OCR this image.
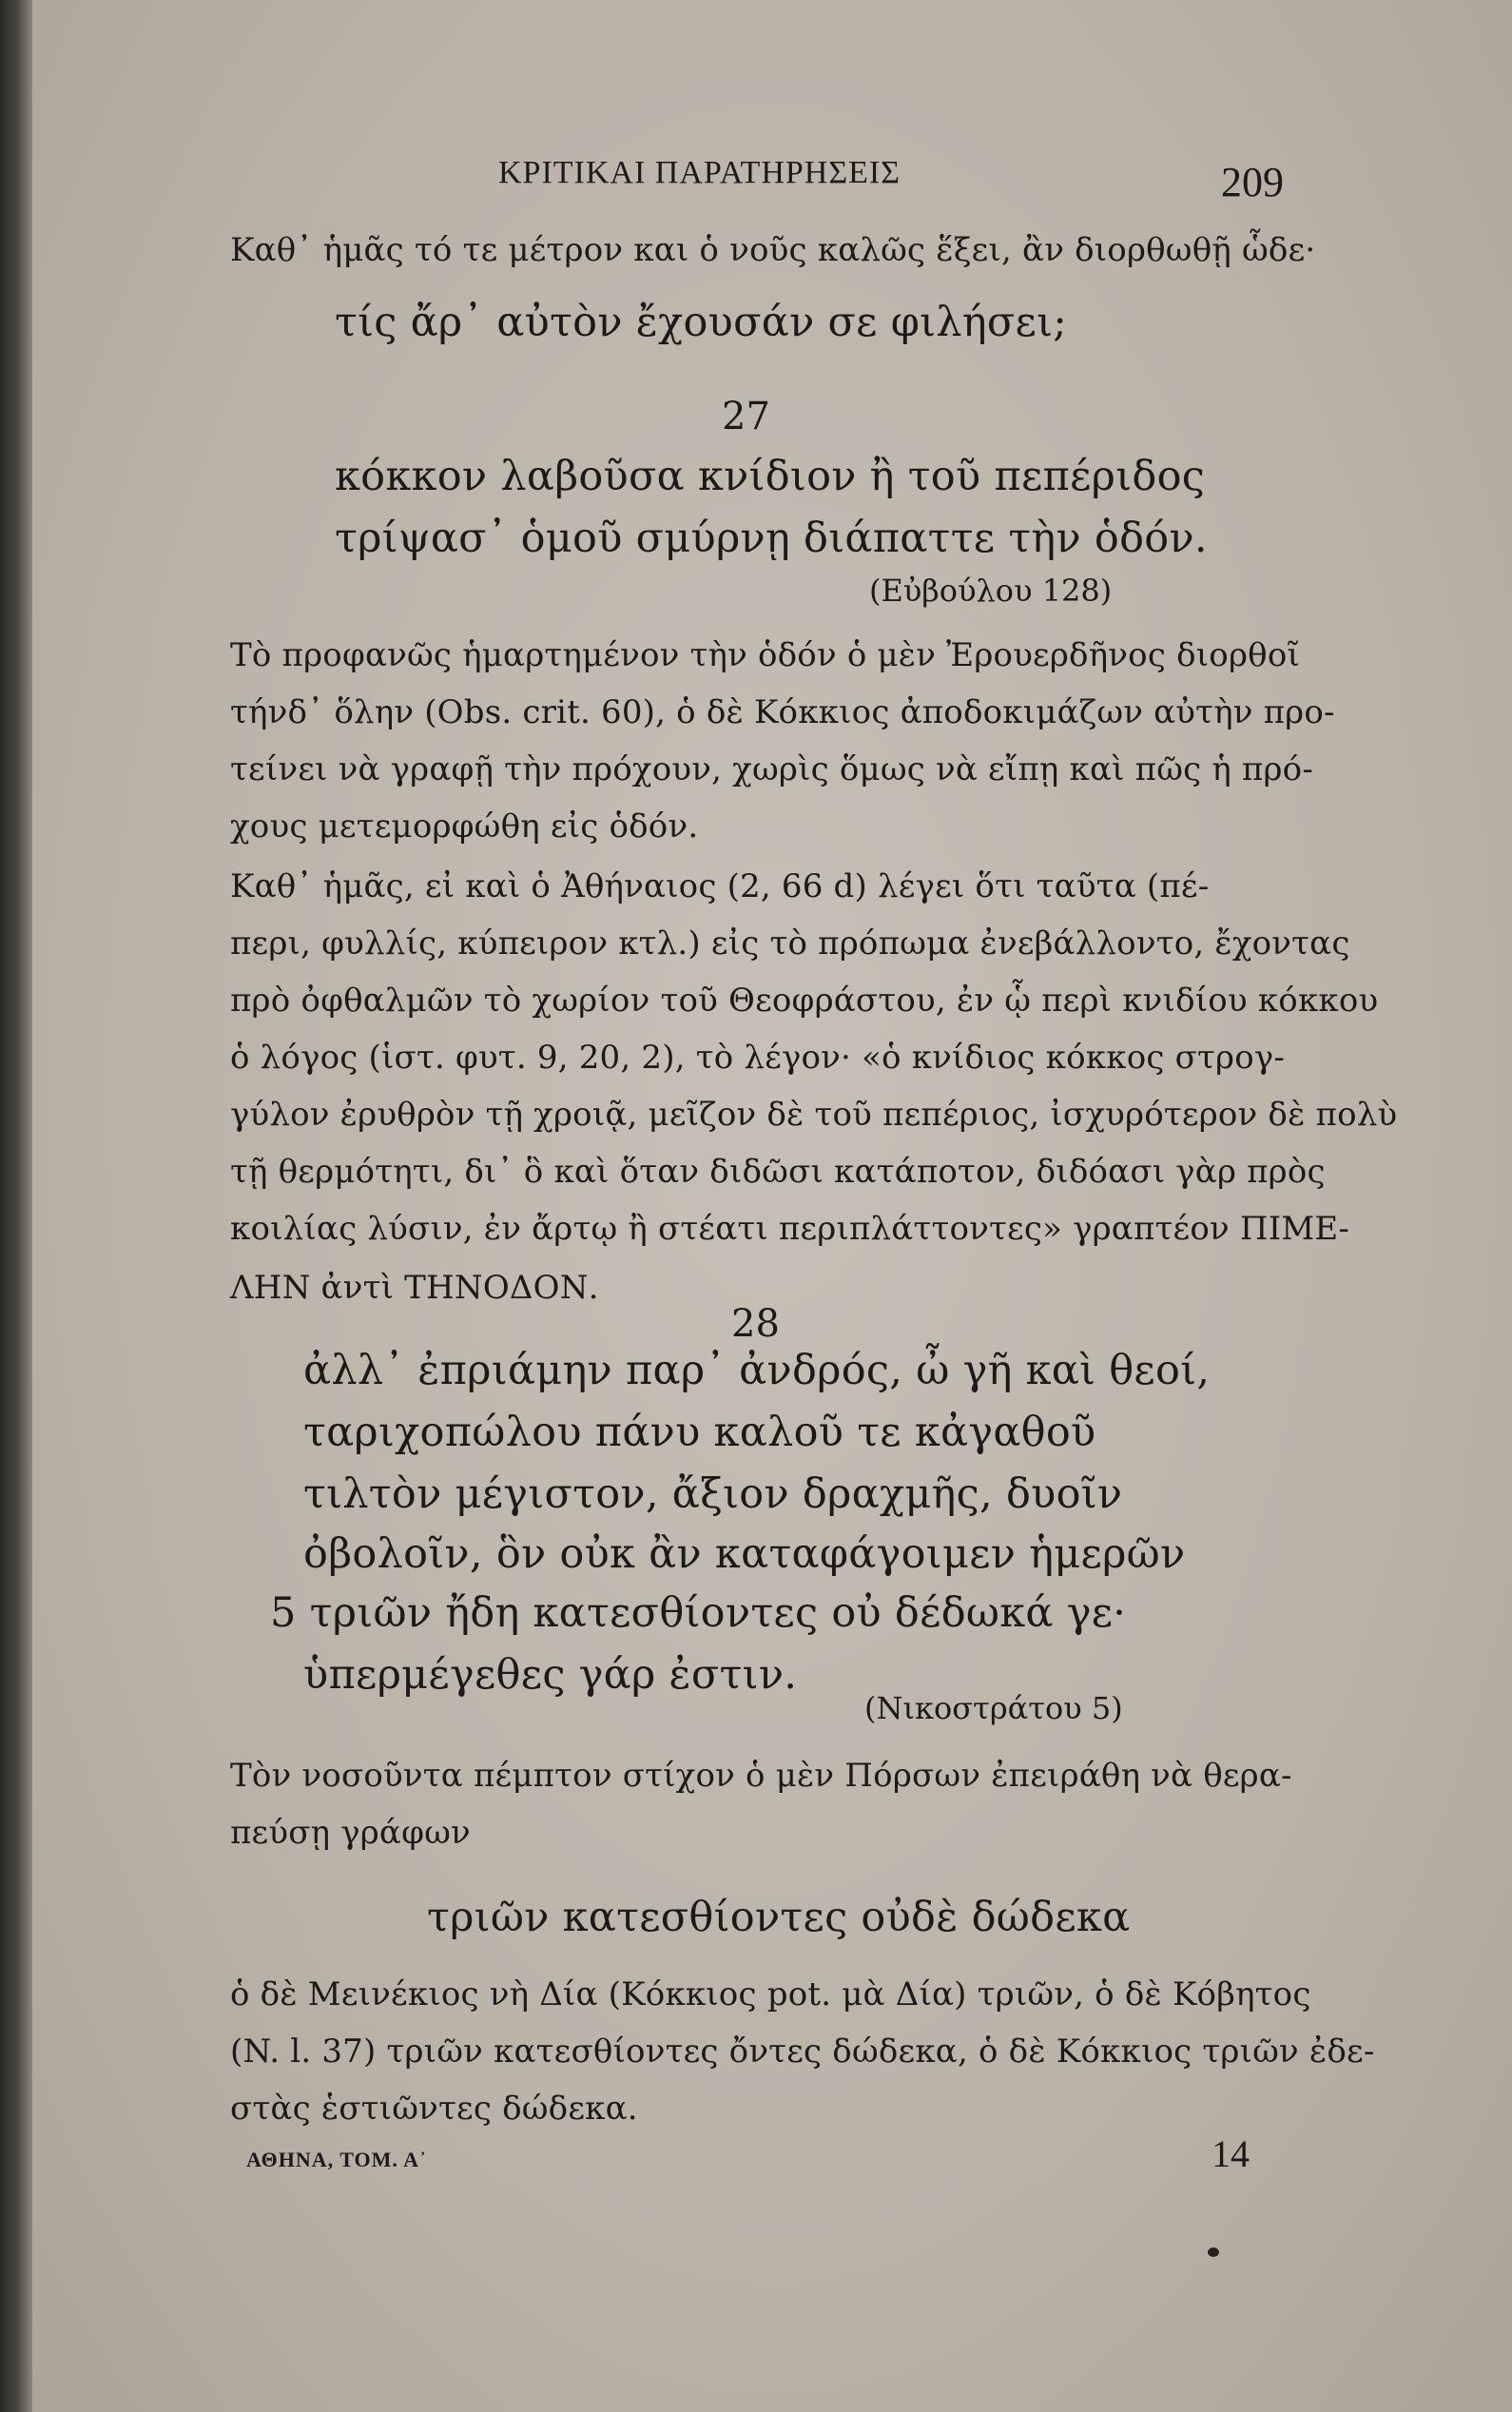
ΚΡΙΤΙΚΑΙ ΠΑΡΑΤΗΡΗΣΕΙΣ	209
Καθ᾽ ἡμᾶς τό τε μέτρον και ὁ νοῦς καλῶς ἕξει, ἂν διορθωθῇ ὧδε·
τίς ἄρ᾽ αὐτὸν ἔχουσάν σε φιλήσει;
27
κόκκον λαβοῦσα κνίδιον ἢ τοῦ πεπέριδος
τρίψασ᾽ ὁμοῦ σμύρνῃ διάπαττε τὴν ὁδόν.
(Εὐβούλου 128)
Τὸ προφανῶς ἡμαρτημένον τὴν ὁδόν ὁ μὲν Ἐρουερδῆνος διορθοῖ
τήνδ᾽ ὅλην (Obs. crit. 60), ὁ δὲ Κόκκιος ἀποδοκιμάζων αὐτὴν προ-
τείνει νὰ γραφῇ τὴν πρόχουν, χωρὶς ὅμως νὰ εἴπῃ καὶ πῶς ἡ πρό-
χους μετεμορφώθη εἰς ὁδόν.
Καθ᾽ ἡμᾶς, εἰ καὶ ὁ Ἀθήναιος (2, 66 d) λέγει ὅτι ταῦτα (πέ-
περι, φυλλίς, κύπειρον κτλ.) εἰς τὸ πρόπωμα ἐνεβάλλοντο, ἔχοντας
πρὸ ὀφθαλμῶν τὸ χωρίον τοῦ Θεοφράστου, ἐν ᾧ περὶ κνιδίου κόκκου
ὁ λόγος (ἱστ. φυτ. 9, 20, 2), τὸ λέγον· «ὁ κνίδιος κόκκος στρογ-
γύλον ἐρυθρὸν τῇ χροιᾷ, μεῖζον δὲ τοῦ πεπέριος, ἰσχυρότερον δὲ πολὺ
τῇ θερμότητι, δι᾽ ὃ καὶ ὅταν διδῶσι κατάποτον, διδόασι γὰρ πρὸς
κοιλίας λύσιν, ἐν ἄρτῳ ἢ στέατι περιπλάττοντες» γραπτέον ΠΙΜΕ-
ΛΗΝ ἀντὶ ΤΗΝΟΔΟΝ.
28
ἀλλ᾽ ἐπριάμην παρ᾽ ἀνδρός, ὦ γῆ καὶ θεοί,
ταριχοπώλου πάνυ καλοῦ τε κἀγαθοῦ
τιλτὸν μέγιστον, ἄξιον δραχμῆς, δυοῖν
ὀβολοῖν, ὃν οὐκ ἂν καταφάγοιμεν ἡμερῶν
5 τριῶν ἤδη κατεσθίοντες οὐ δέδωκά γε·
ὑπερμέγεθες γάρ ἐστιν.
(Νικοστράτου 5)
Τὸν νοσοῦντα πέμπτον στίχον ὁ μὲν Πόρσων ἐπειράθη νὰ θερα-
πεύσῃ γράφων
τριῶν κατεσθίοντες οὐδὲ δώδεκα
ὁ δὲ Μεινέκιος νὴ Δία (Κόκκιος pot. μὰ Δία) τριῶν, ὁ δὲ Κόβητος
(N. l. 37) τριῶν κατεσθίοντες ὄντες δώδεκα, ὁ δὲ Κόκκιος τριῶν ἐδε-
στὰς ἑστιῶντες δώδεκα.
ΑΘΗΝΑ, ΤΟΜ. Α᾽	14
